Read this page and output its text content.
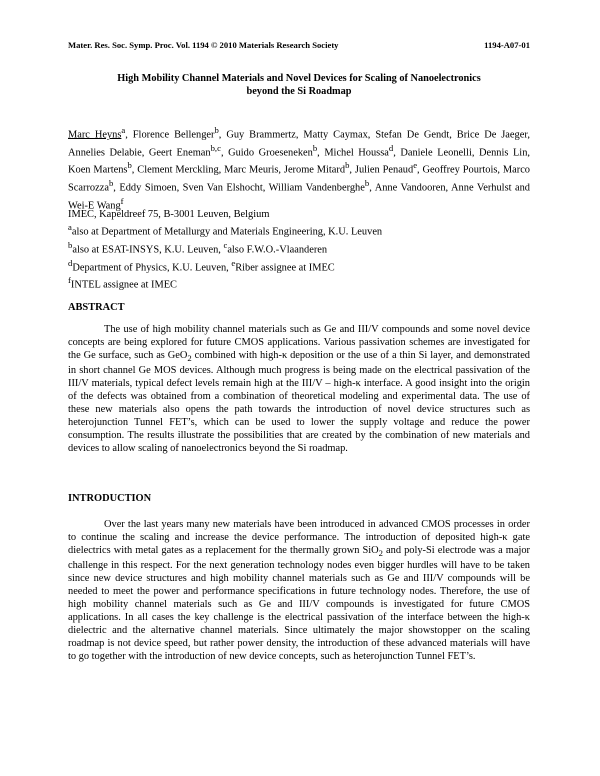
Mater. Res. Soc. Symp. Proc. Vol. 1194 © 2010 Materials Research Society	1194-A07-01
High Mobility Channel Materials and Novel Devices for Scaling of Nanoelectronics
beyond the Si Roadmap
Marc Heyns$^a$, Florence Bellenger$^b$, Guy Brammertz, Matty Caymax, Stefan De Gendt, Brice De Jaeger, Annelies Delabie, Geert Eneman$^{b,c}$, Guido Groeseneken$^b$, Michel Houssa$^d$, Daniele Leonelli, Dennis Lin, Koen Martens$^b$, Clement Merckling, Marc Meuris, Jerome Mitard$^b$, Julien Penaud$^e$, Geoffrey Pourtois, Marco Scarrozza$^b$, Eddy Simoen, Sven Van Elshocht, William Vandenberghe$^b$, Anne Vandooren, Anne Verhulst and Wei-E Wang$^f$
IMEC, Kapeldreef 75, B-3001 Leuven, Belgium
$^a$also at Department of Metallurgy and Materials Engineering, K.U. Leuven
$^b$also at ESAT-INSYS, K.U. Leuven, $^c$also F.W.O.-Vlaanderen
$^d$Department of Physics, K.U. Leuven, $^e$Riber assignee at IMEC
$^f$INTEL assignee at IMEC
ABSTRACT
The use of high mobility channel materials such as Ge and III/V compounds and some novel device concepts are being explored for future CMOS applications. Various passivation schemes are investigated for the Ge surface, such as GeO$_2$ combined with high-κ deposition or the use of a thin Si layer, and demonstrated in short channel Ge MOS devices. Although much progress is being made on the electrical passivation of the III/V materials, typical defect levels remain high at the III/V – high-κ interface. A good insight into the origin of the defects was obtained from a combination of theoretical modeling and experimental data. The use of these new materials also opens the path towards the introduction of novel device structures such as heterojunction Tunnel FET’s, which can be used to lower the supply voltage and reduce the power consumption. The results illustrate the possibilities that are created by the combination of new materials and devices to allow scaling of nanoelectronics beyond the Si roadmap.
INTRODUCTION
Over the last years many new materials have been introduced in advanced CMOS processes in order to continue the scaling and increase the device performance. The introduction of deposited high-κ gate dielectrics with metal gates as a replacement for the thermally grown SiO$_2$ and poly-Si electrode was a major challenge in this respect. For the next generation technology nodes even bigger hurdles will have to be taken since new device structures and high mobility channel materials such as Ge and III/V compounds will be needed to meet the power and performance specifications in future technology nodes. Therefore, the use of high mobility channel materials such as Ge and III/V compounds is investigated for future CMOS applications. In all cases the key challenge is the electrical passivation of the interface between the high-κ dielectric and the alternative channel materials. Since ultimately the major showstopper on the scaling roadmap is not device speed, but rather power density, the introduction of these advanced materials will have to go together with the introduction of new device concepts, such as heterojunction Tunnel FET’s.
